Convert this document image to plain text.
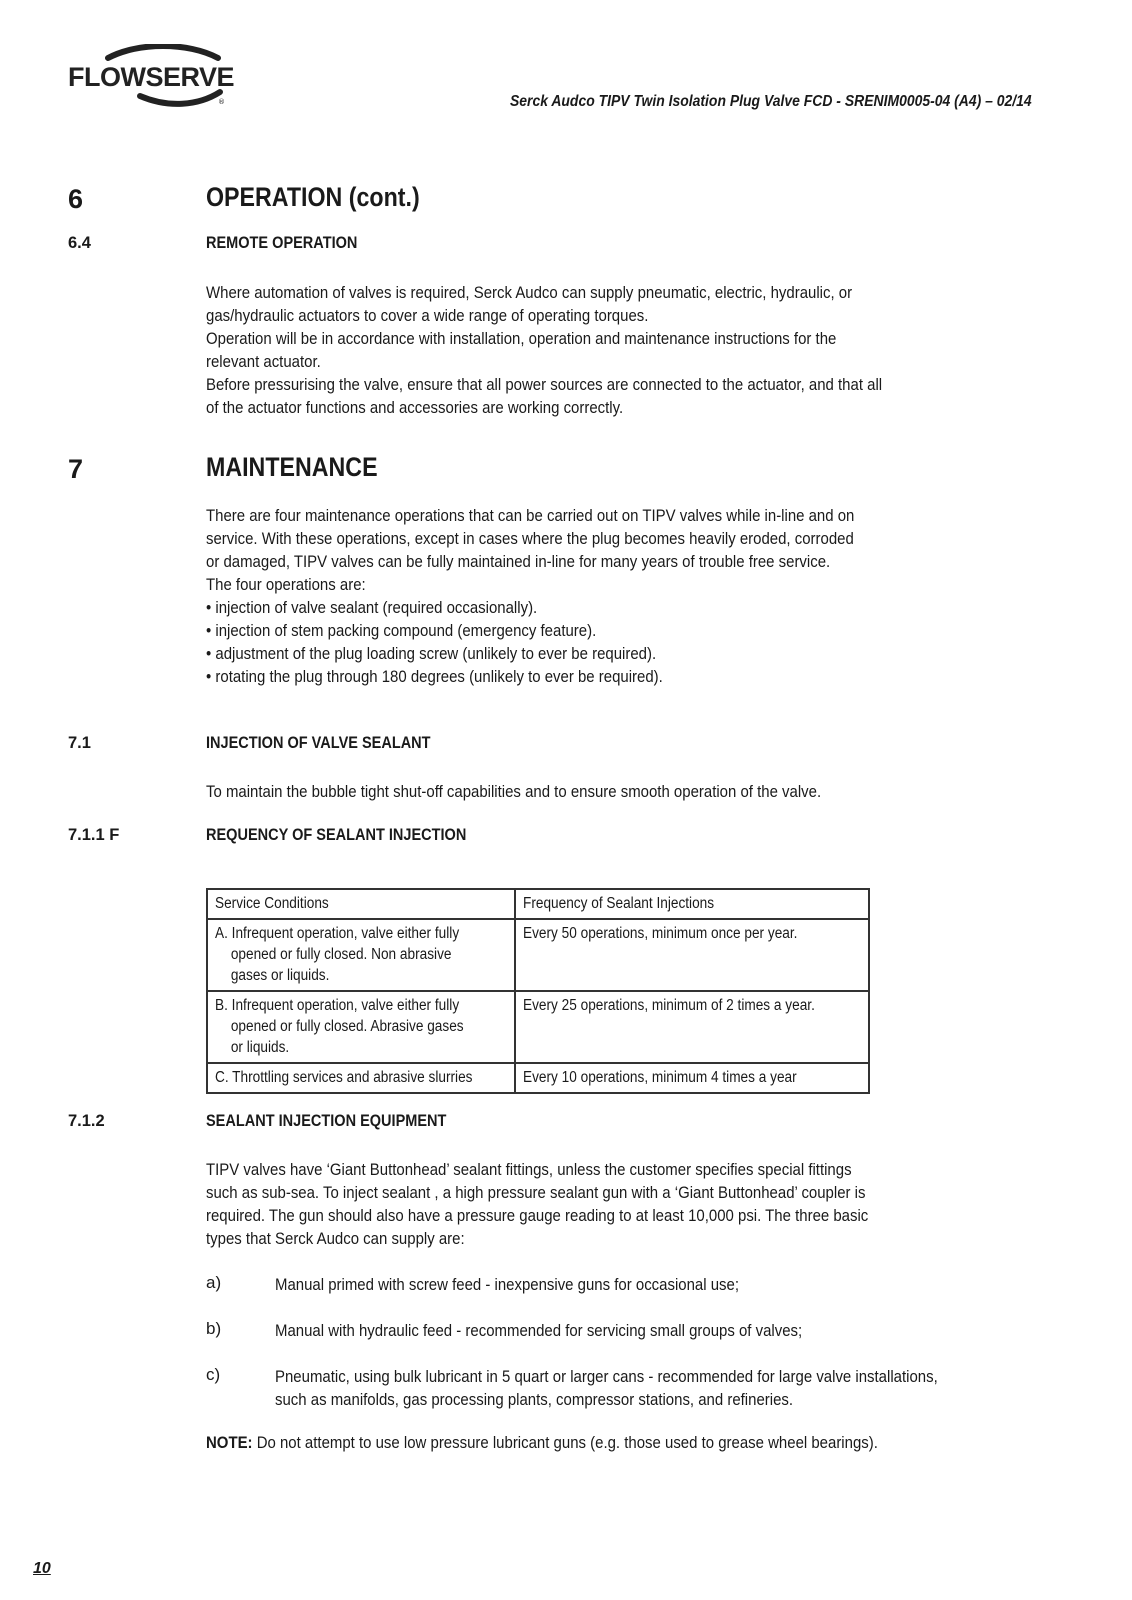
®
FLOWSERVE
Serck Audco TIPV Twin Isolation Plug Valve FCD - SRENIM0005-04 (A4) – 02/14
6	OPERATION (cont.)
6.4	REMOTE OPERATION
Where automation of valves is required, Serck Audco can supply pneumatic, electric, hydraulic, or
gas/hydraulic actuators to cover a wide range of operating torques.
Operation will be in accordance with installation, operation and maintenance instructions for the
relevant actuator.
Before pressurising the valve, ensure that all power sources are connected to the actuator, and that all
of the actuator functions and accessories are working correctly.
7	MAINTENANCE
There are four maintenance operations that can be carried out on TIPV valves while in-line and on
service. With these operations, except in cases where the plug becomes heavily eroded, corroded
or damaged, TIPV valves can be fully maintained in-line for many years of trouble free service.
The four operations are:
• injection of valve sealant (required occasionally).
• injection of stem packing compound (emergency feature).
• adjustment of the plug loading screw (unlikely to ever be required).
• rotating the plug through 180 degrees (unlikely to ever be required).
7.1	INJECTION OF VALVE SEALANT
To maintain the bubble tight shut-off capabilities and to ensure smooth operation of the valve.
7.1.1 F	REQUENCY OF SEALANT INJECTION
Service Conditions	Frequency of Sealant Injections

A. Infrequent operation, valve either fully
opened or fully closed. Non abrasive
gases or liquids.	Every 50 operations, minimum once per year.

B. Infrequent operation, valve either fully
opened or fully closed. Abrasive gases
or liquids.	Every 25 operations, minimum of 2 times a year.

C. Throttling services and abrasive slurries	Every 10 operations, minimum 4 times a year
7.1.2	SEALANT INJECTION EQUIPMENT
TIPV valves have ‘Giant Buttonhead’ sealant fittings, unless the customer specifies special fittings
such as sub-sea. To inject sealant , a high pressure sealant gun with a ‘Giant Buttonhead’ coupler is
required. The gun should also have a pressure gauge reading to at least 10,000 psi. The three basic
types that Serck Audco can supply are:
a)	Manual primed with screw feed - inexpensive guns for occasional use;
b)	Manual with hydraulic feed - recommended for servicing small groups of valves;
c)	Pneumatic, using bulk lubricant in 5 quart or larger cans - recommended for large valve installations,
such as manifolds, gas processing plants, compressor stations, and refineries.
NOTE: Do not attempt to use low pressure lubricant guns (e.g. those used to grease wheel bearings).
10
